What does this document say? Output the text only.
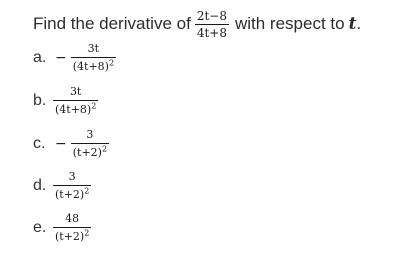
Find the derivative of $\frac{2t-8}{4t+8}$ with respect to t .
a. − $\frac{3t}{(4t+8)^2}$
b. $\frac{3t}{(4t+8)^2}$
c. − $\frac{3}{(t+2)^2}$
d. $\frac{3}{(t+2)^2}$
e. $\frac{48}{(t+2)^2}$
